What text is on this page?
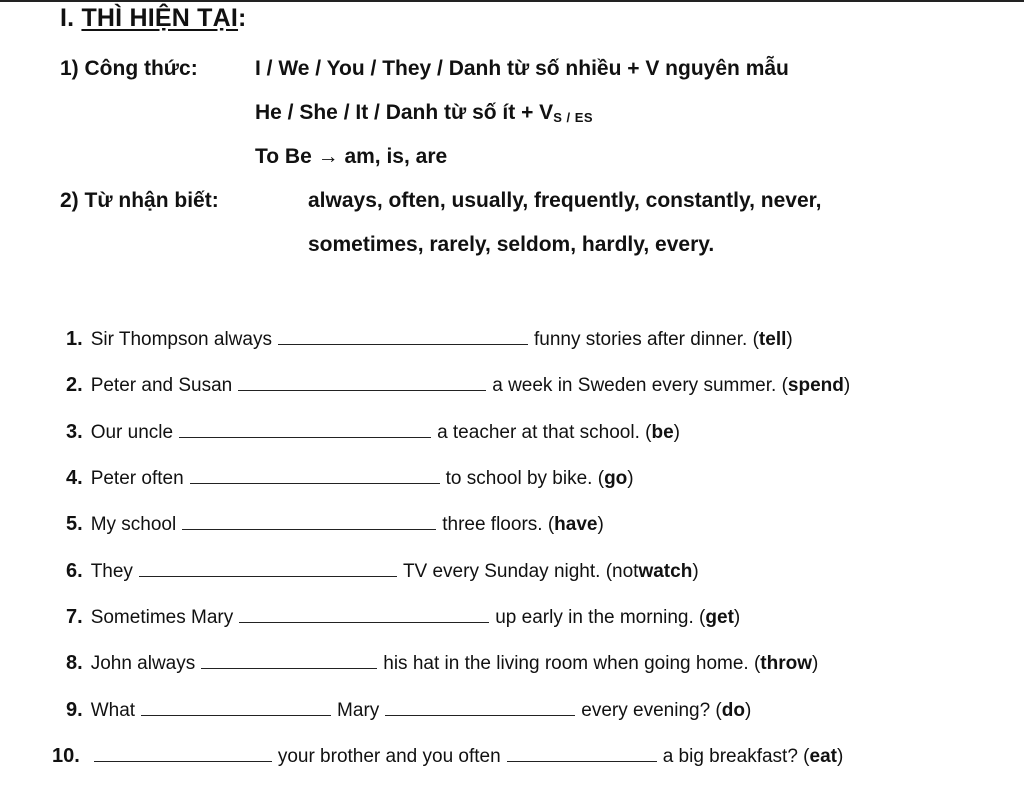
I. THÌ HIỆN TẠI:
1) Công thức:	I / We / You / They / Danh từ số nhiều + V nguyên mẫu
He / She / It / Danh từ số ít + $V_{S / ES}$
To Be → am, is, are
2) Từ nhận biết:	always, often, usually, frequently, constantly, never,
sometimes, rarely, seldom, hardly, every.
1. Sir Thompson always	funny stories after dinner. ( tell )
2. Peter and Susan	a week in Sweden every summer. ( spend )
3. Our uncle	a teacher at that school. ( be )
4. Peter often	to school by bike. ( go )
5. My school	three floors. ( have )
6. They	TV every Sunday night. (not watch )
7. Sometimes Mary	up early in the morning. ( get )
8. John always	his hat in the living room when going home. ( throw )
9. What	Mary	every evening? ( do )
10.	your brother and you often	a big breakfast? ( eat )
